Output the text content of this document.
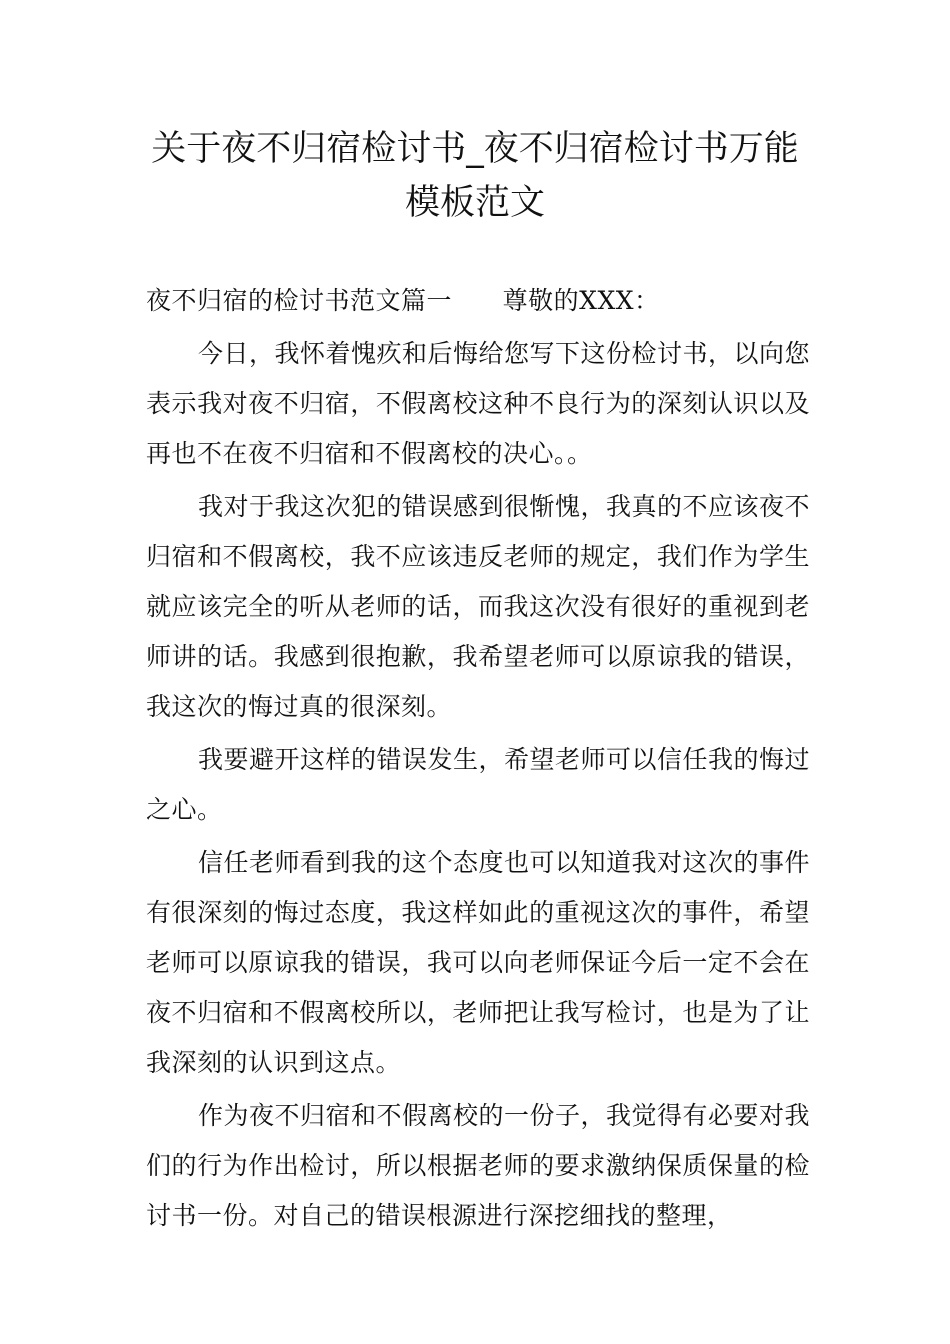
关于夜不归宿检讨书_夜不归宿检讨书万能
模板范文

夜不归宿的检讨书范文篇一      尊敬的XXX：

今日，我怀着愧疚和后悔给您写下这份检讨书，以向您表示我对夜不归宿，不假离校这种不良行为的深刻认识以及再也不在夜不归宿和不假离校的决心。。

我对于我这次犯的错误感到很惭愧，我真的不应该夜不归宿和不假离校，我不应该违反老师的规定，我们作为学生就应该完全的听从老师的话，而我这次没有很好的重视到老师讲的话。我感到很抱歉，我希望老师可以原谅我的错误，我这次的悔过真的很深刻。

我要避开这样的错误发生，希望老师可以信任我的悔过之心。

信任老师看到我的这个态度也可以知道我对这次的事件有很深刻的悔过态度，我这样如此的重视这次的事件，希望老师可以原谅我的错误，我可以向老师保证今后一定不会在夜不归宿和不假离校所以，老师把让我写检讨，也是为了让我深刻的认识到这点。

作为夜不归宿和不假离校的一份子，我觉得有必要对我们的行为作出检讨，所以根据老师的要求激纳保质保量的检讨书一份。对自己的错误根源进行深挖细找的整理，
